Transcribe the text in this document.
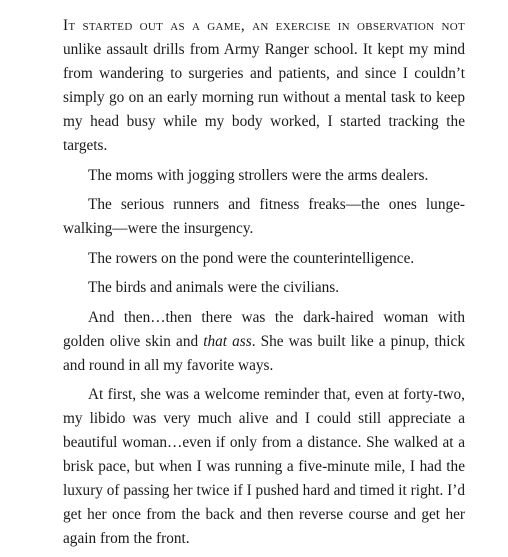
It started out as a game, an exercise in observation not unlike assault drills from Army Ranger school. It kept my mind from wandering to surgeries and patients, and since I couldn’t simply go on an early morning run without a mental task to keep my head busy while my body worked, I started tracking the targets.

The moms with jogging strollers were the arms dealers.

The serious runners and fitness freaks—the ones lunge-walking—were the insurgency.

The rowers on the pond were the counterintelligence.

The birds and animals were the civilians.

And then…then there was the dark-haired woman with golden olive skin and that ass. She was built like a pinup, thick and round in all my favorite ways.

At first, she was a welcome reminder that, even at forty-two, my libido was very much alive and I could still appreciate a beautiful woman…even if only from a distance. She walked at a brisk pace, but when I was running a five-minute mile, I had the luxury of passing her twice if I pushed hard and timed it right. I’d get her once from the back and then reverse course and get her again from the front.
